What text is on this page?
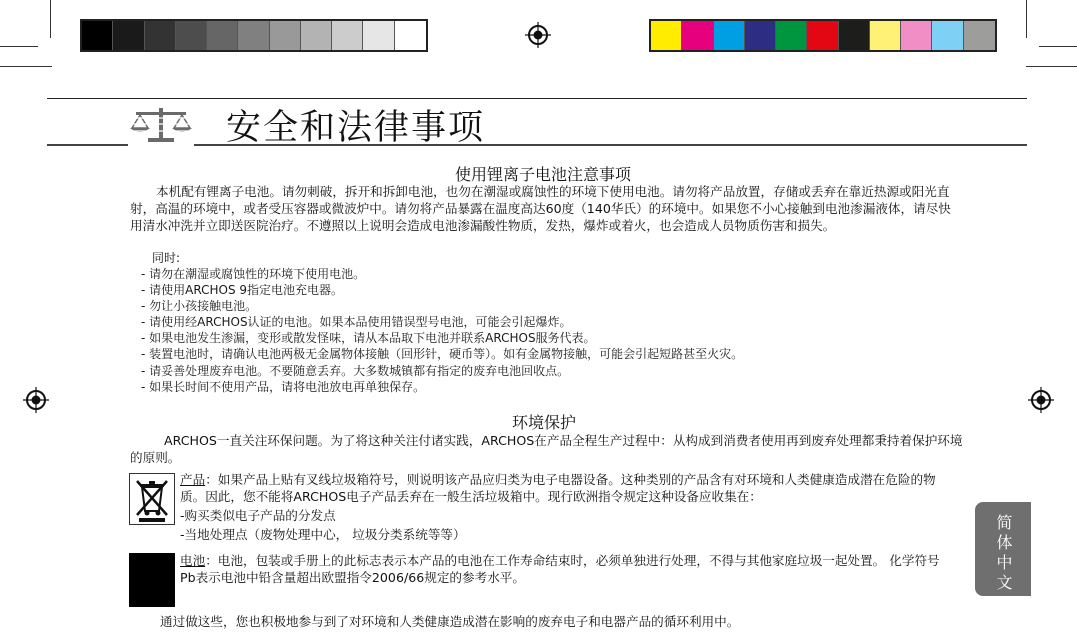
安全和法律事项
使用锂离子电池注意事项

本机配有锂离子电池。请勿刺破，拆开和拆卸电池，也勿在潮湿或腐蚀性的环境下使用电池。请勿将产品放置，存储或丢弃在靠近热源或阳光直射，高温的环境中，或者受压容器或微波炉中。请勿将产品暴露在温度高达60度（140华氏）的环境中。如果您不小心接触到电池渗漏液体，请尽快用清水冲洗并立即送医院治疗。不遵照以上说明会造成电池渗漏酸性物质，发热，爆炸或着火，也会造成人员物质伤害和损失。

同时:
- 请勿在潮湿或腐蚀性的环境下使用电池。
- 请使用ARCHOS 9指定电池充电器。
- 勿让小孩接触电池。
- 请使用经ARCHOS认证的电池。如果本品使用错误型号电池，可能会引起爆炸。
- 如果电池发生渗漏，变形或散发怪味，请从本品取下电池并联系ARCHOS服务代表。
- 装置电池时，请确认电池两极无金属物体接触（回形针，硬币等）。如有金属物接触，可能会引起短路甚至火灾。
- 请妥善处理废弃电池。不要随意丢弃。大多数城镇都有指定的废弃电池回收点。
- 如果长时间不使用产品，请将电池放电再单独保存。
环境保护

ARCHOS一直关注环保问题。为了将这种关注付诸实践，ARCHOS在产品全程生产过程中：从构成到消费者使用再到废弃处理都秉持着保护环境的原则。

产品：如果产品上贴有叉线垃圾箱符号，则说明该产品应归类为电子电器设备。这种类别的产品含有对环境和人类健康造成潜在危险的物质。因此，您不能将ARCHOS电子产品丢弃在一般生活垃圾箱中。现行欧洲指令规定这种设备应收集在：

-购买类似电子产品的分发点

-当地处理点（废物处理中心， 垃圾分类系统等等）

电池：电池，包装或手册上的此标志表示本产品的电池在工作寿命结束时，必须单独进行处理，不得与其他家庭垃圾一起处置。 化学符号Pb表示电池中铅含量超出欧盟指令2006/66规定的参考水平。

通过做这些，您也积极地参与到了对环境和人类健康造成潜在影响的废弃电子和电器产品的循环利用中。
简体中文
